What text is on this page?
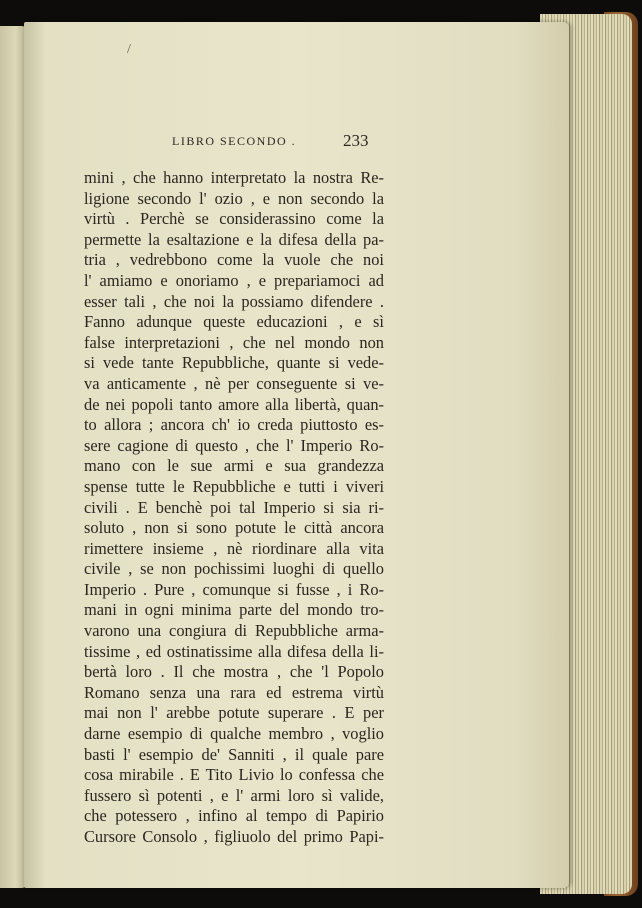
/
LIBRO SECONDO .	233
mini , che hanno interpretato la nostra Re-
ligione secondo l' ozio , e non secondo la
virtù . Perchè se considerassino come la
permette la esaltazione e la difesa della pa-
tria , vedrebbono come la vuole che noi
l' amiamo e onoriamo , e prepariamoci ad
esser tali , che noi la possiamo difendere .
Fanno adunque queste educazioni , e sì
false interpretazioni , che nel mondo non
si vede tante Repubbliche, quante si vede-
va anticamente , nè per conseguente si ve-
de nei popoli tanto amore alla libertà, quan-
to allora ; ancora ch' io creda piuttosto es-
sere cagione di questo , che l' Imperio Ro-
mano con le sue armi e sua grandezza
spense tutte le Repubbliche e tutti i viveri
civili . E benchè poi tal Imperio si sia ri-
soluto , non si sono potute le città ancora
rimettere insieme , nè riordinare alla vita
civile , se non pochissimi luoghi di quello
Imperio . Pure , comunque si fusse , i Ro-
mani in ogni minima parte del mondo tro-
varono una congiura di Repubbliche arma-
tissime , ed ostinatissime alla difesa della li-
bertà loro . Il che mostra , che 'l Popolo
Romano senza una rara ed estrema virtù
mai non l' arebbe potute superare . E per
darne esempio di qualche membro , voglio
basti l' esempio de' Sanniti , il quale pare
cosa mirabile . E Tito Livio lo confessa che
fussero sì potenti , e l' armi loro sì valide,
che potessero , infino al tempo di Papirio
Cursore Consolo , figliuolo del primo Papi-
